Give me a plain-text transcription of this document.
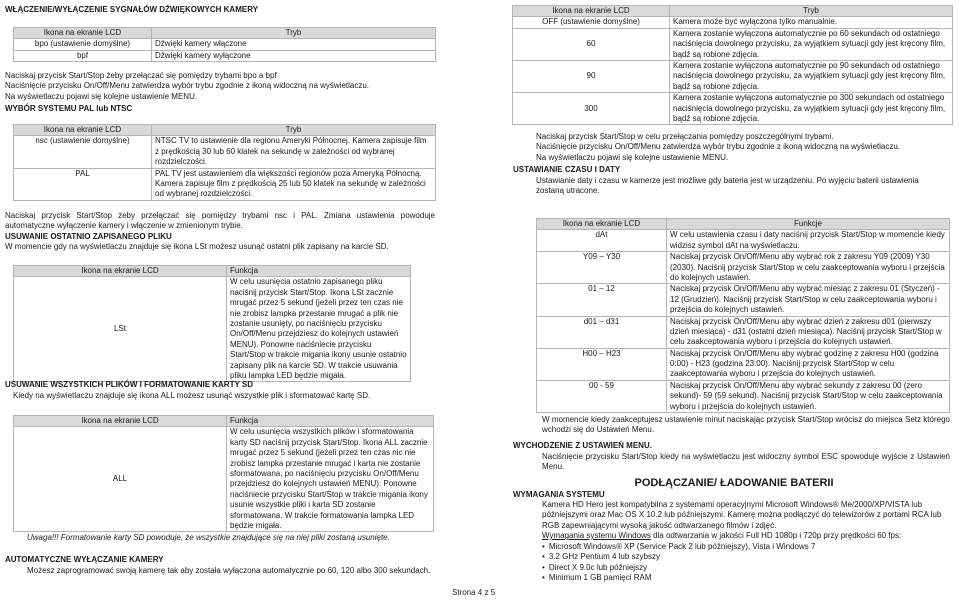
WŁĄCZENIE/WYŁĄCZENIE SYGNAŁÓW DŹWIĘKOWYCH KAMERY
Ikona na ekranie LCD	Tryb
bpo (ustawienie domyślne)	Dźwięki kamery włączone
bpf	Dźwięki kamery wyłączone

Naciskaj przycisk Start/Stop żeby przełączać się pomiędzy trybami bpo a bpf

Naciśnięcie przycisku On/Off/Menu zatwierdza wybór trybu zgodnie z ikoną widoczną na wyświetlaczu.

Na wyświetlaczu pojawi się kolejne ustawienie MENU.

WYBÓR SYSTEMU PAL lub NTSC
Ikona na ekranie LCD	Tryb
nsc (ustawienie domyślne)	NTSC TV to ustawienie dla regionu Ameryki Północnej. Kamera zapisuje film z prędkością 30 lub 60 klatek na sekundę w zależności od wybranej rozdzielczości.
PAL	PAL TV jest ustawieniem dla większości regionów poza Ameryką Północną. Kamera zapisuje film z prędkością 25 lub 50 klatek na sekundę w zależności od wybranej rozdzielczości.
Naciskaj przycisk Start/Stop żeby przełączać się pomiędzy trybami nsc i PAL. Zmiana ustawienia powoduje automatyczne wyłączenie kamery i włączenie w zmienionym trybie.
USUWANIE OSTATNIO ZAPISANEGO PLIKU
W momencie gdy na wyświetlaczu znajduje się ikona LSt możesz usunąć ostatni plik zapisany na karcie SD.
Ikona na ekranie LCD	Funkcja
LSt	W celu usunięcia ostatnio zapisanego pliku naciśnij przycisk Start/Stop. Ikona LSt zacznie mrugać przez 5 sekund (jeżeli przez ten czas nie nie zrobisz lampka przestanie mrugać a plik nie zostanie usunięty, po naciśnięciu przycisku On/Off/Menu przejdziesz do kolejnych ustawień MENU). Ponowne naciśniecie przycisku Start/Stop w trakcie migania ikony usunie ostatnio zapisany plik na karcie SD. W trakcie usuwania pliku lampka LED będzie migała.
USUWANIE WSZYSTKICH PLIKÓW I FORMATOWANIE KARTY SD
Kiedy na wyświetlaczu znajduje się ikona ALL możesz usunąć wszystkie plik i sformatować kartę SD.
Ikona na ekranie LCD	Funkcja
ALL	W celu usunięcia wszystkich plików i sformatowania karty SD naciśnij przycisk Start/Stop. Ikona ALL zacznie mrugać przez 5 sekund (jeżeli przez ten czas nic nie zrobisz lampka przestanie mrugać i karta nie zostanie sformatowana, po naciśnięciu przycisku On/Off/Menu przejdziesz do kolejnych ustawień MENU). Ponowne naciśniecie przycisku Start/Stop w trakcie migania ikony usunie wszystkie pliki i karta SD zostanie sformatowana. W trakcie formatowania lampka LED będzie migała.
Uwaga!!! Formatowanie karty SD powoduje, że wszystkie znajdujące się na niej pliki zostaną usunięte.
AUTOMATYCZNE WYŁĄCZANIE KAMERY
Możesz zaprogramować swoją kamerę tak aby została wyłączona automatycznie po 60, 120 albo 300 sekundach.
Strona 4 z 5
Ikona na ekranie LCD	Tryb
OFF (ustawienie domyślne)	Kamera może być wyłączona tylko manualnie.
60	Kamera zostanie wyłączona automatycznie po 60 sekundach od ostatniego naciśnięcia dowolnego przycisku, za wyjątkiem sytuacji gdy jest kręcony film, bądź są robione zdjęcia.
90	Kamera zostanie wyłączona automatycznie po 90 sekundach od ostatniego naciśnięcia dowolnego przycisku, za wyjątkiem sytuacji gdy jest kręcony film, bądź są robione zdjęcia.
300	Kamera zostanie wyłączona automatycznie po 300 sekundach od ostatniego naciśnięcia dowolnego przycisku, za wyjątkiem sytuacji gdy jest kręcony film, bądź są robione zdjęcia.

Naciskaj przycisk Start/Stop w celu przełączania pomiędzy poszczególnymi trybami.

Naciśnięcie przycisku On/Off/Menu zatwierdza wybór trybu zgodnie z ikoną widoczną na wyświetlaczu.

Na wyświetlaczu pojawi się kolejne ustawienie MENU.

USTAWIANIE CZASU I DATY
Ustawianie daty i czasu w kamerze jest możliwe gdy bateria jest w urządzeniu. Po wyjęciu baterii ustawienia zostaną utracone.
Ikona na ekranie LCD	Funkcje
dAt	W celu ustawienia czasu i daty naciśnij przycisk Start/Stop w momencie kiedy widzisz symbol dAt na wyświetlaczu.
Y09 – Y30	Naciskaj przycisk On/Off/Menu aby wybrać rok z zakresu Y09 (2009) Y30 (2030). Naciśnij przycisk Start/Stop w celu zaakceptowania wyboru i przejścia do kolejnych ustawień.
01 – 12	Naciskaj przycisk On/Off/Menu aby wybrać miesiąc z zakresu 01 (Styczeń) - 12 (Grudzień). Naciśnij przycisk Start/Stop w celu zaakceptowania wyboru i przejścia do kolejnych ustawień.
d01 – d31	Naciskaj przycisk On/Off/Menu aby wybrać dzień z zakresu d01 (pierwszy dzień miesiąca) - d31 (ostatni dzień miesiąca). Naciśnij przycisk Start/Stop w celu zaakceptowania wyboru i przejścia do kolejnych ustawień.
H00 – H23	Naciskaj przycisk On/Off/Menu aby wybrać godzinę z zakresu H00 (godzina 0:00) - H23 (godzina 23:00). Naciśnij przycisk Start/Stop w celu zaakceptowania wyboru i przejścia do kolejnych ustawień.
00 - 59	Naciskaj przycisk On/Off/Menu aby wybrać sekundy z zakresu 00 (zero sekund)- 59 (59 sekund). Naciśnij przycisk Start/Stop w celu zaakceptowania wyboru i przejścia do kolejnych ustawień.
W momencie kiedy zaakceptujesz ustawienie minut naciskając przycisk Start/Stop wrócisz do miejsca Setz którego wchodzi się do Ustawień Menu.
WYCHODZENIE Z USTAWIEŃ MENU.
Naciśnięcie przycisku Start/Stop kiedy na wyświetlaczu jest widoczny symbol ESC spowoduje wyjście z Ustawień Menu.
PODŁĄCZANIE/ ŁADOWANIE BATERII
WYMAGANIA SYSTEMU
Kamera HD Hero jest kompatybilna z systemami operacyjnymi Microsoft Windows® Me/2000/XP/VISTA lub późniejszymi oraz Mac OS X 10.2 lub późniejszymi. Kamerę można podłączyć do telewizorów z portami RCA lub RGB zapewniającymi wysoką jakość odtwarzanego filmów i zdjęć.
Wymagania systemu Windows dla odtwarzania w jakości Full HD 1080p i 720p przy prędkości 60 fps:
• Microsoft Windows® XP (Service Pack 2 lub późniejszy), Vista i Windows 7
• 3.2 GHz Pentium 4 lub szybszy
• Direct X 9.0c lub późniejszy
• Minimum 1 GB pamięci RAM
